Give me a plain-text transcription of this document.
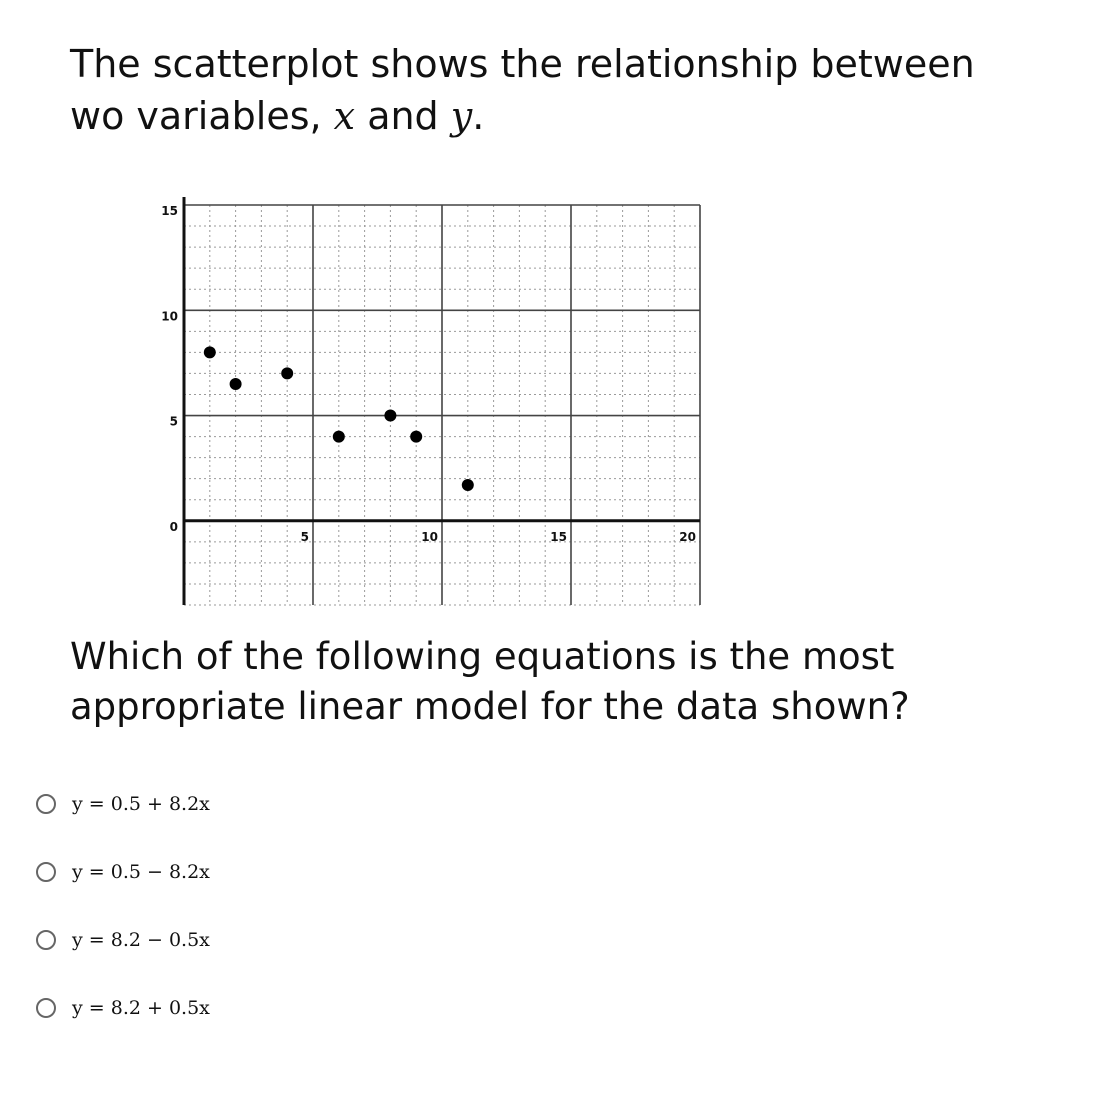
The scatterplot shows the relationship between
wo variables, x and y.
5	10	15	20
0
5
10
15
Which of the following equations is the most appropriate linear model for the data shown?
y = 0.5 + 8.2x
y = 0.5 − 8.2x
y = 8.2 − 0.5x
y = 8.2 + 0.5x
